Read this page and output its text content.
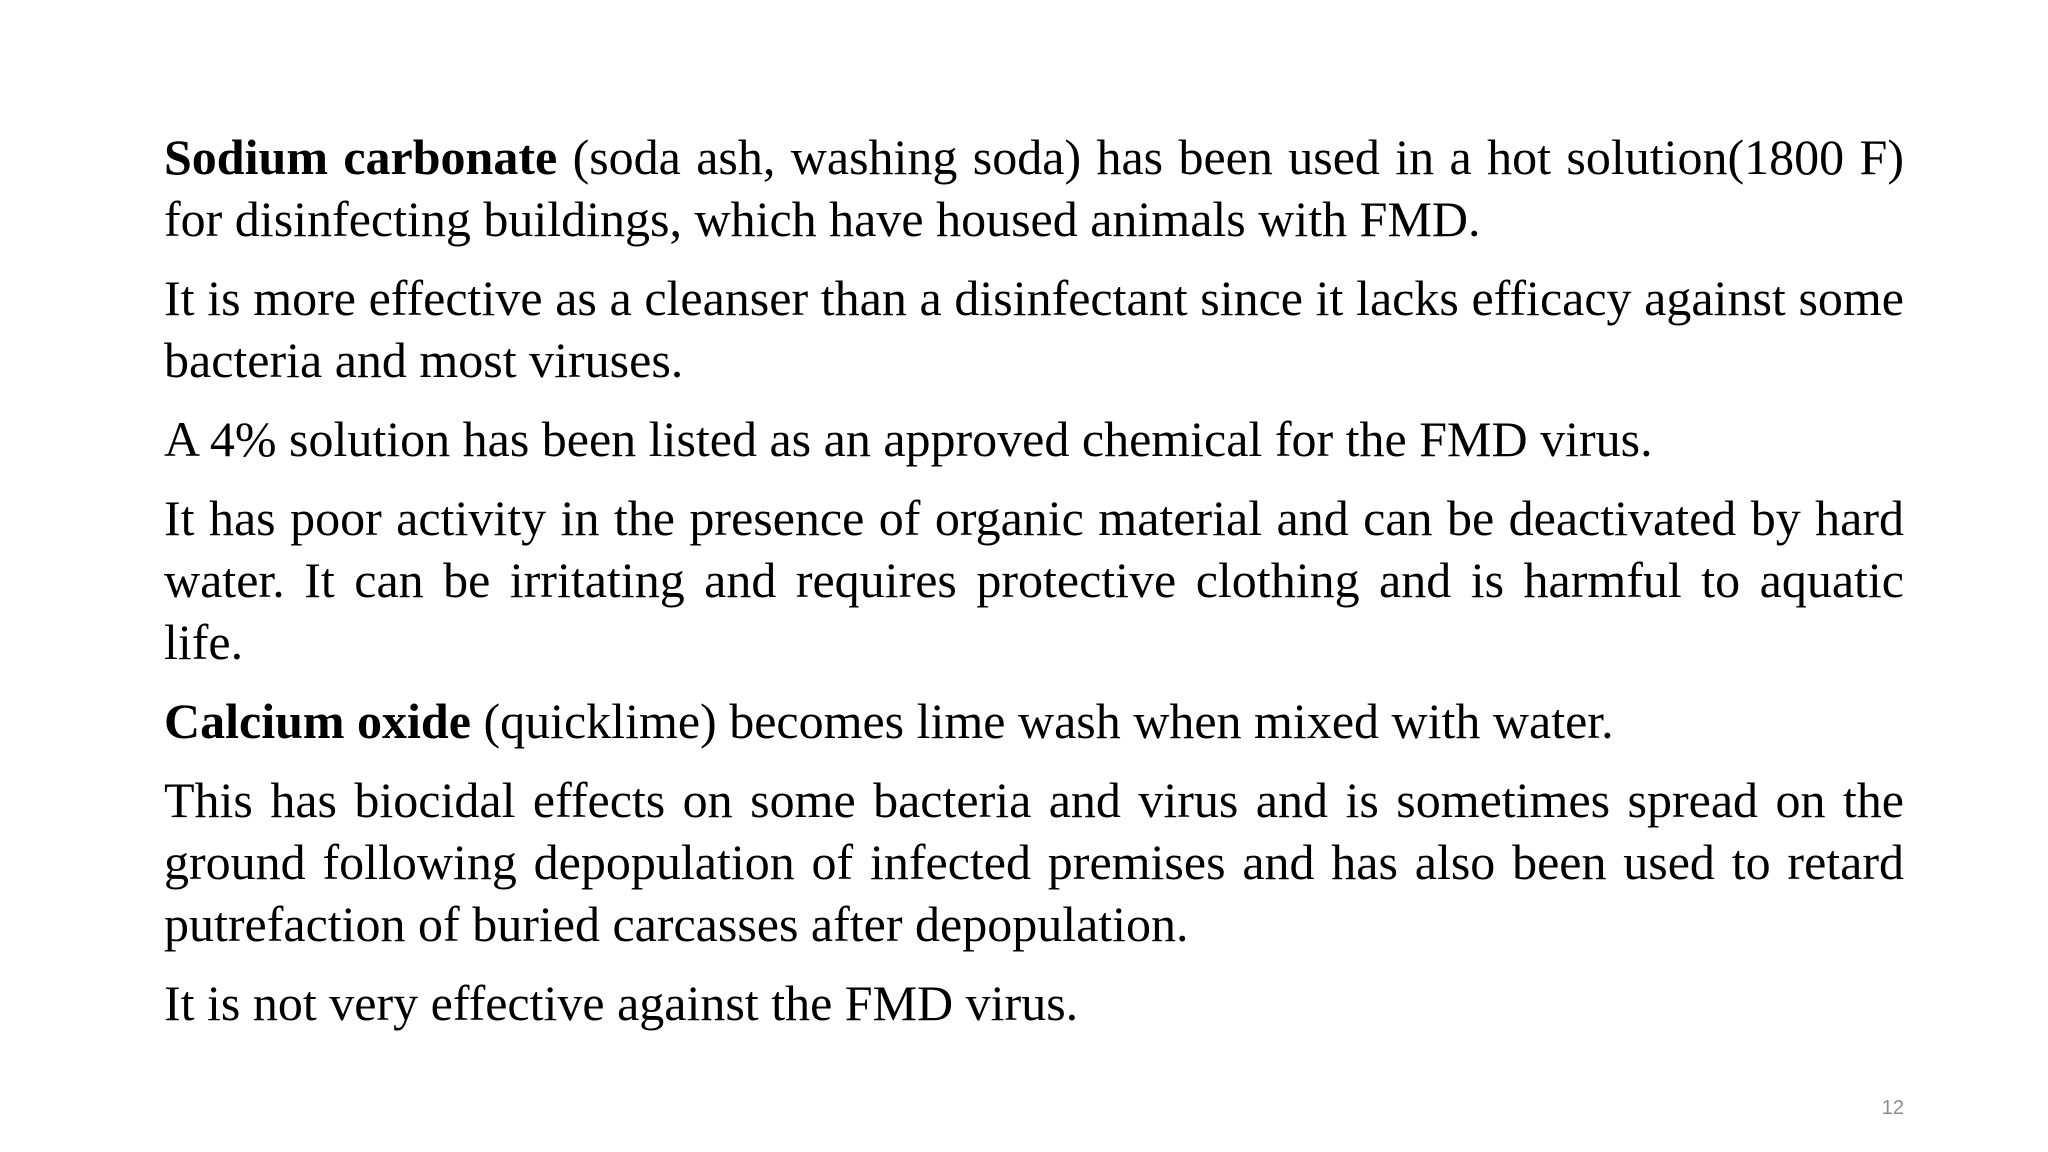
Sodium carbonate (soda ash, washing soda) has been used in a hot solution(1800 F) for disinfecting buildings, which have housed animals with FMD.

It is more effective as a cleanser than a disinfectant since it lacks efficacy against some bacteria and most viruses.

A 4% solution has been listed as an approved chemical for the FMD virus.

It has poor activity in the presence of organic material and can be deactivated by hard water. It can be irritating and requires protective clothing and is harmful to aquatic life.

Calcium oxide (quicklime) becomes lime wash when mixed with water.

This has biocidal effects on some bacteria and virus and is sometimes spread on the ground following depopulation of infected premises and has also been used to retard putrefaction of buried carcasses after depopulation.

It is not very effective against the FMD virus.

12
